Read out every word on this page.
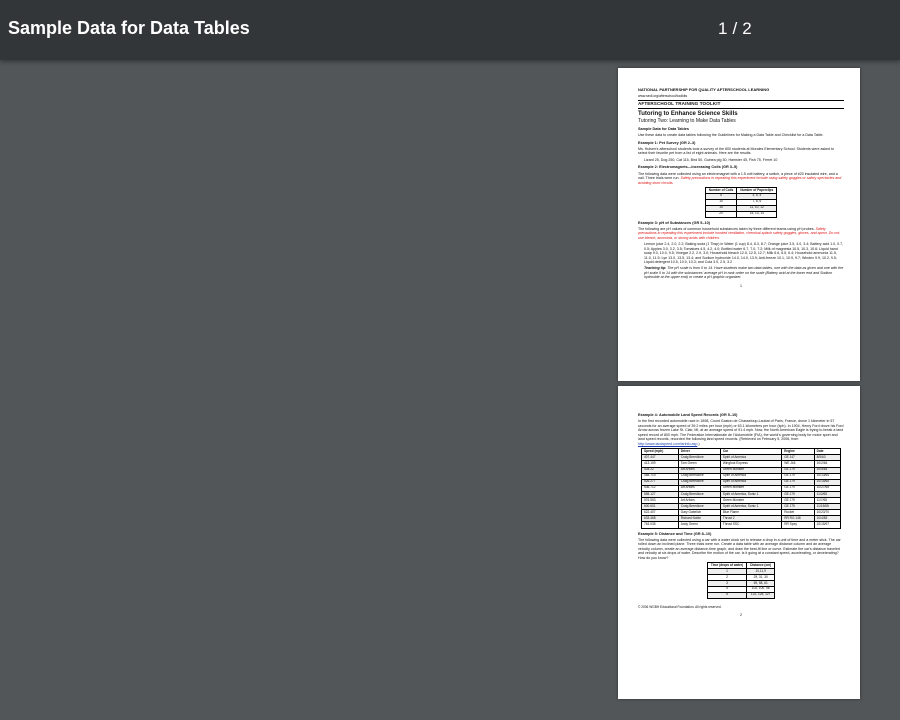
Sample Data for Data Tables	1 / 2

NATIONAL PARTNERSHIP FOR QUALITY AFTERSCHOOL LEARNING

www.sedl.org/afterschool/toolkits

AFTERSCHOOL TRAINING TOOLKIT

Tutoring to Enhance Science Skills

Tutoring Two: Learning to Make Data Tables

Sample Data for Data Tables

Use these data to create data tables following the Guidelines for Making a Data Table and Checklist for a Data Table.

Example 1: Pet Survey (GR 2–3)

Ms. Hulsen's afterschool students took a survey of the 600 students at Morales Elementary School. Students were asked to select their favorite pet from a list of eight animals. Here are the results.

Lizard 25, Dog 250, Cat 115, Bird 50, Guinea pig 30, Hamster 45, Fish 75, Ferret 10

Example 2: Electromagnets—Increasing Coils (GR 3–5)

The following data were collected using an electromagnet with a 1.5 volt battery, a switch, a piece of #20 insulated wire, and a nail. Three trials were run. Safety precautions in repeating this experiment include using safety goggles or safety spectacles and avoiding short circuits.

Number of Coils	Number of Paperclips
5	3, 5, 4
10	7, 8, 6
15	11, 10, 12
20	15, 13, 14

Example 3: pH of Substances (GR 5–10)

The following are pH values of common household substances taken by three different teams using pH probes. Safety precautions in repeating this experiment include hooded ventilation, chemical-splash safety goggles, gloves, and apron. Do not use bleach, ammonia, or strong acids with children.

Lemon juice 2.4, 2.0, 2.2; Baking soda (1 Tbsp) in Water (1 cup) 8.4, 8.3, 8.7; Orange juice 3.5, 4.0, 3.4; Battery acid 1.0, 0.7, 0.5; Apples 3.0, 3.2, 3.5; Tomatoes 4.5, 4.2, 4.0; Bottled water 6.7, 7.0, 7.2; Milk of magnesia 10.5, 10.3, 10.6; Liquid hand soap 9.0, 10.0, 9.5; Vinegar 2.2, 2.9, 3.0; Household bleach 12.5, 12.5, 12.7; Milk 6.6, 6.5, 6.4; Household ammonia 11.5, 11.0, 11.5; Lye 13.0, 13.5, 13.4; and Sodium hydroxide 14.0, 14.0, 13.9; Anti-freeze 10.1, 10.9, 9.7; Windex 9.9, 10.2, 9.5; Liquid detergent 10.5, 10.0, 10.3; and Cola 3.0, 2.5, 3.2

Teaching tip: The pH scale is from 0 to 14. Have students make two data tables, one with the data as given and one with the pH scale 0 to 14 with the substances' average pH in rank order on the scale (Battery acid at the lower end and Sodium hydroxide at the upper end) or create a pH graphic organizer.

1

Example 4: Automobile Land Speed Records (GR 5–10)

In the first recorded automobile race in 1898, Count Gaston de Chasseloup-Laubat of Paris, France, drove 1 kilometer in 57 seconds for an average speed of 39.2 miles per hour (mph) or 63.1 kilometers per hour (kph). In 1904, Henry Ford drove his Ford Arrow across frozen Lake St. Clair, MI, at an average speed of 91.4 mph. Now, the North American Eagle is trying to break a land speed record of 800 mph. The Federation Internationale de I'Automobile (FIA), the world's governing body for motor sport and land speed records, recorded the following land speed records. (Retrieved on February 5, 2006, from http://www.landspeed.com/lsrinfo.asp.)

Speed (mph)	Driver	Car	Engine	Date
407.447	Craig Breedlove	Spirit of America	GE J47	8/5/63
413.199	Tom Green	Wingfoot Express	WE J46	10/2/64
434.22	Art Arfons	Green Monster	GE J79	10/5/64
468.719	Craig Breedlove	Spirit of America	GE J79	10/13/64
526.277	Craig Breedlove	Spirit of America	GE J79	10/15/65
536.712	Art Arfons	Green Monster	GE J79	10/27/65
555.127	Craig Breedlove	Spirit of America, Sonic 1	GE J79	11/2/65
576.553	Art Arfons	Green Monster	GE J79	11/7/65
600.601	Craig Breedlove	Spirit of America, Sonic 1	GE J79	11/15/65
622.407	Gary Gabelich	Blue Flame	Rocket	10/23/70
633.468	Richard Noble	Thrust 2	RR RG 146	10/4/83
763.035	Andy Green	Thrust SSC	RR Spey	10/15/97

Example 5: Distance and Time (GR 8–10)

The following data were collected using a car with a water clock set to release a drop in a unit of time and a meter stick. The car rolled down an inclined plane. Three trials were run. Create a data table with an average distance column and an average velocity column, create an average distance-time graph, and draw the best-fit line or curve. Estimate the car's distance traveled and velocity at six drops of water. Describe the motion of the car. Is it going at a constant speed, accelerating, or decelerating? How do you know?

Time (drops of water)	Distance (cm)
1	10,11,9
2	29, 31, 30
3	59, 58, 61
4	102, 100, 98
5	122, 125, 127

© 2006 WGBH Educational Foundation. All rights reserved.

2
